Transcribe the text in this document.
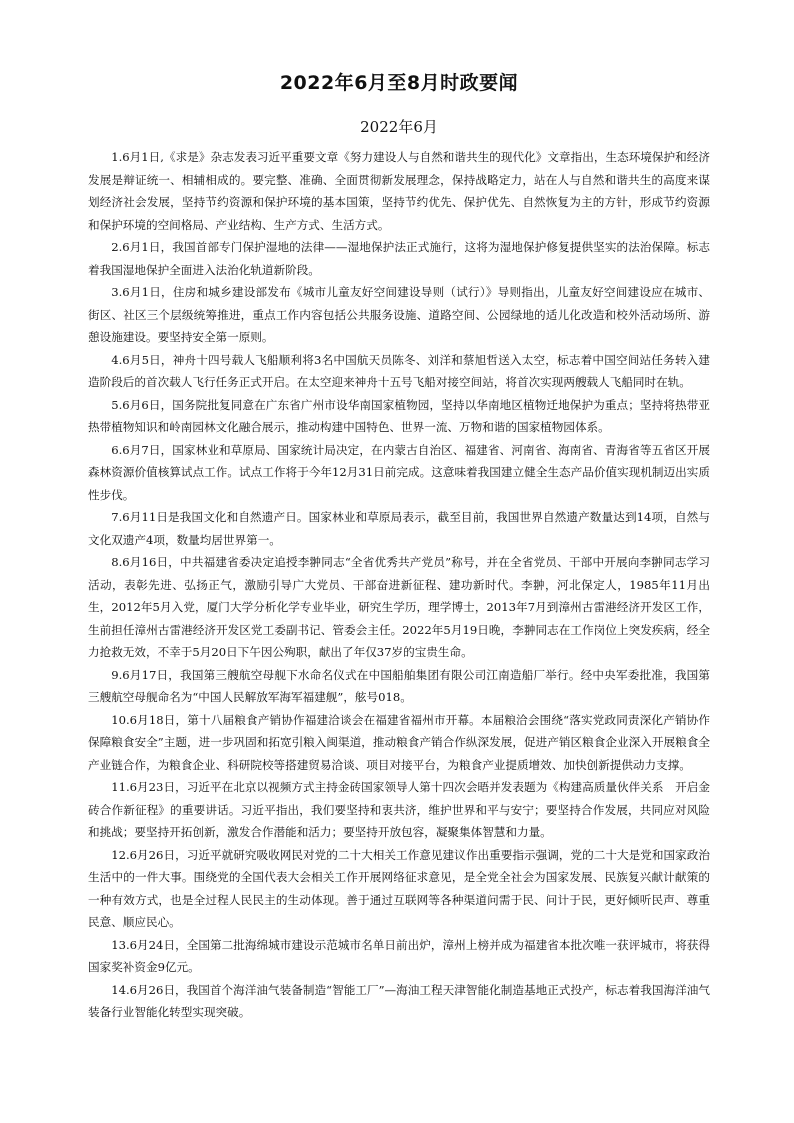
2022年6月至8月时政要闻
2022年6月

1.6月1日,《求是》杂志发表习近平重要文章《努力建设人与自然和谐共生的现代化》文章指出，生态环境保护和经济发展是辩证统一、相辅相成的。要完整、准确、全面贯彻新发展理念，保持战略定力，站在人与自然和谐共生的高度来谋划经济社会发展，坚持节约资源和保护环境的基本国策，坚持节约优先、保护优先、自然恢复为主的方针，形成节约资源和保护环境的空间格局、产业结构、生产方式、生活方式。

2.6月1日，我国首部专门保护湿地的法律——湿地保护法正式施行，这将为湿地保护修复提供坚实的法治保障。标志着我国湿地保护全面进入法治化轨道新阶段。

3.6月1日，住房和城乡建设部发布《城市儿童友好空间建设导则（试行）》导则指出，儿童友好空间建设应在城市、街区、社区三个层级统筹推进，重点工作内容包括公共服务设施、道路空间、公园绿地的适儿化改造和校外活动场所、游憩设施建设。要坚持安全第一原则。

4.6月5日，神舟十四号载人飞船顺利将3名中国航天员陈冬、刘洋和蔡旭哲送入太空，标志着中国空间站任务转入建造阶段后的首次载人飞行任务正式开启。在太空迎来神舟十五号飞船对接空间站，将首次实现两艘载人飞船同时在轨。

5.6月6日，国务院批复同意在广东省广州市设华南国家植物园，坚持以华南地区植物迁地保护为重点；坚持将热带亚热带植物知识和岭南园林文化融合展示，推动构建中国特色、世界一流、万物和谐的国家植物园体系。

6.6月7日，国家林业和草原局、国家统计局决定，在内蒙古自治区、福建省、河南省、海南省、青海省等五省区开展森林资源价值核算试点工作。试点工作将于今年12月31日前完成。这意味着我国建立健全生态产品价值实现机制迈出实质性步伐。

7.6月11日是我国文化和自然遗产日。国家林业和草原局表示，截至目前，我国世界自然遗产数量达到14项，自然与文化双遗产4项，数量均居世界第一。

8.6月16日，中共福建省委决定追授李翀同志“全省优秀共产党员”称号，并在全省党员、干部中开展向李翀同志学习活动，表彰先进、弘扬正气，激励引导广大党员、干部奋进新征程、建功新时代。李翀，河北保定人，1985年11月出生，2012年5月入党，厦门大学分析化学专业毕业，研究生学历，理学博士，2013年7月到漳州古雷港经济开发区工作，生前担任漳州古雷港经济开发区党工委副书记、管委会主任。2022年5月19日晚，李翀同志在工作岗位上突发疾病，经全力抢救无效，不幸于5月20日下午因公殉职，献出了年仅37岁的宝贵生命。

9.6月17日，我国第三艘航空母舰下水命名仪式在中国船舶集团有限公司江南造船厂举行。经中央军委批准，我国第三艘航空母舰命名为“中国人民解放军海军福建舰”，舷号018。

10.6月18日，第十八届粮食产销协作福建洽谈会在福建省福州市开幕。本届粮洽会围绕“落实党政同责深化产销协作保障粮食安全”主题，进一步巩固和拓宽引粮入闽渠道，推动粮食产销合作纵深发展，促进产销区粮食企业深入开展粮食全产业链合作，为粮食企业、科研院校等搭建贸易洽谈、项目对接平台，为粮食产业提质增效、加快创新提供动力支撑。

11.6月23日，习近平在北京以视频方式主持金砖国家领导人第十四次会晤并发表题为《构建高质量伙伴关系　开启金砖合作新征程》的重要讲话。习近平指出，我们要坚持和衷共济，维护世界和平与安宁；要坚持合作发展，共同应对风险和挑战；要坚持开拓创新，激发合作潜能和活力；要坚持开放包容，凝聚集体智慧和力量。

12.6月26日，习近平就研究吸收网民对党的二十大相关工作意见建议作出重要指示强调，党的二十大是党和国家政治生活中的一件大事。围绕党的全国代表大会相关工作开展网络征求意见，是全党全社会为国家发展、民族复兴献计献策的一种有效方式，也是全过程人民民主的生动体现。善于通过互联网等各种渠道问需于民、问计于民，更好倾听民声、尊重民意、顺应民心。

13.6月24日，全国第二批海绵城市建设示范城市名单日前出炉，漳州上榜并成为福建省本批次唯一获评城市，将获得国家奖补资金9亿元。

14.6月26日，我国首个海洋油气装备制造“智能工厂”—海油工程天津智能化制造基地正式投产，标志着我国海洋油气装备行业智能化转型实现突破。
